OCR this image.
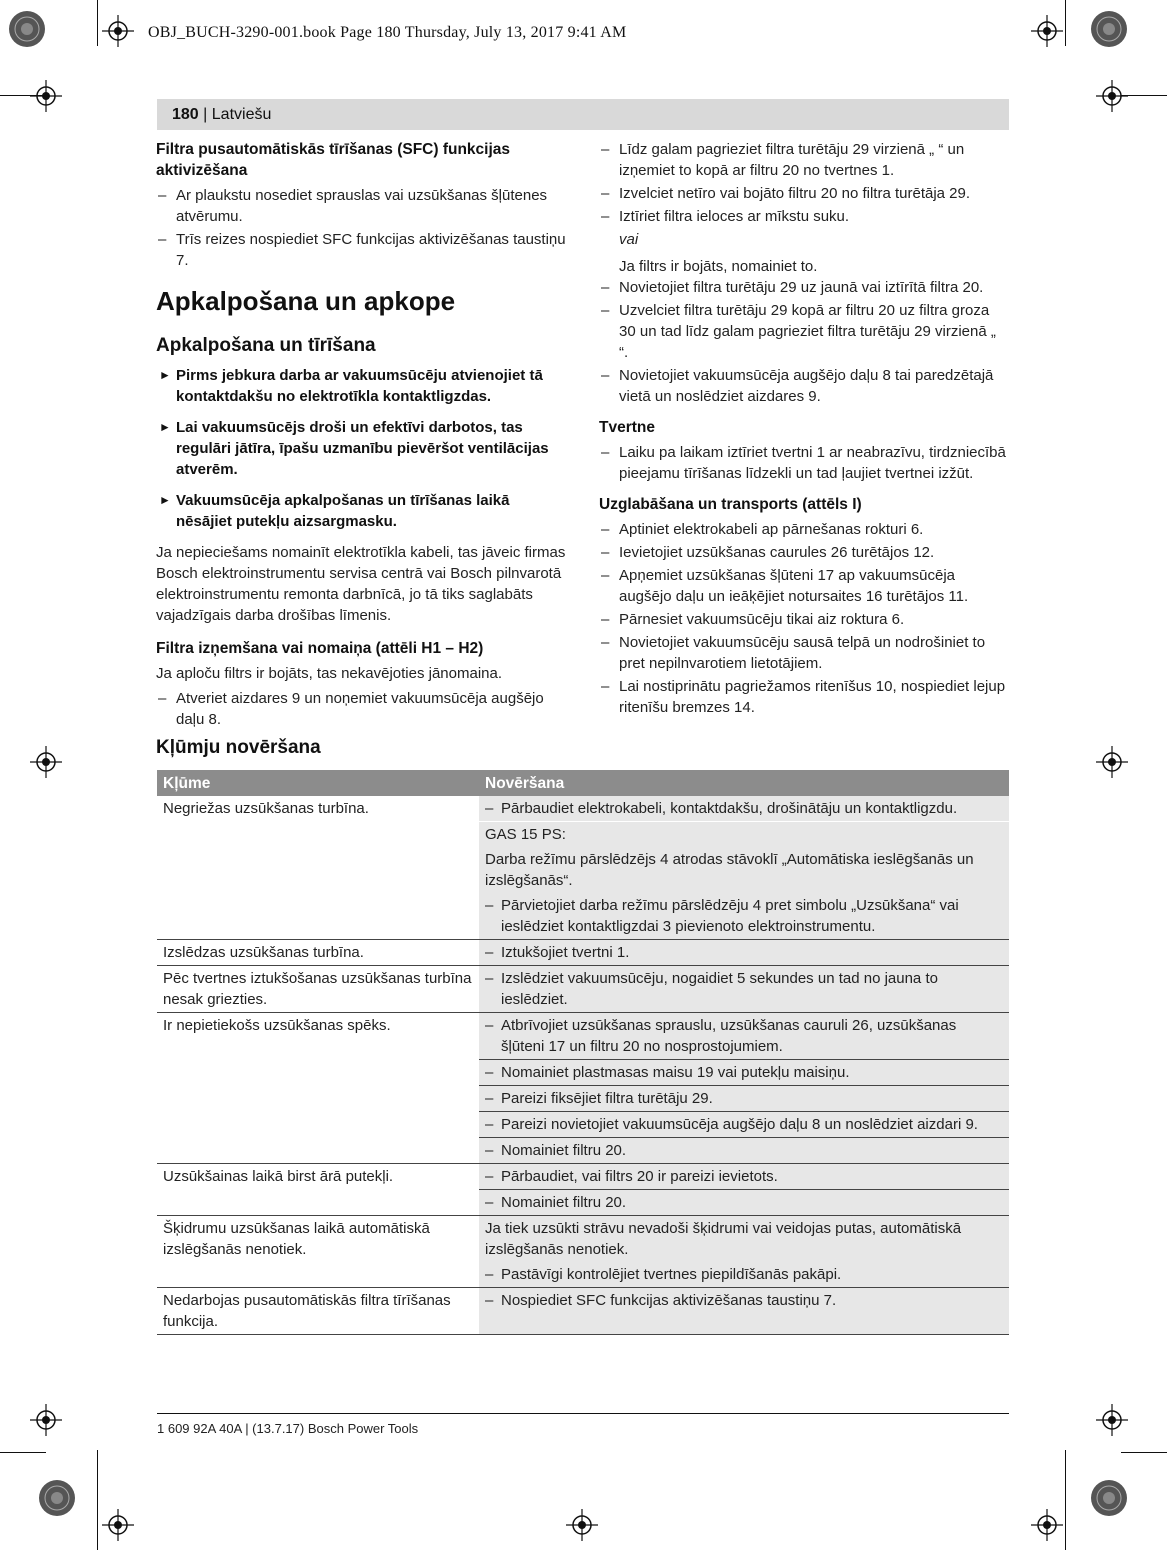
OBJ_BUCH-3290-001.book Page 180 Thursday, July 13, 2017 9:41 AM
180 | Latviešu
Filtra pusautomātiskās tīrīšanas (SFC) funkcijas aktivizēšana
– Ar plaukstu nosediet sprauslas vai uzsūkšanas šļūtenes atvērumu.
– Trīs reizes nospiediet SFC funkcijas aktivizēšanas taustiņu 7.
Apkalpošana un apkope
Apkalpošana un tīrīšana
► Pirms jebkura darba ar vakuumsūcēju atvienojiet tā kontaktdakšu no elektrotīkla kontaktligzdas.
► Lai vakuumsūcējs droši un efektīvi darbotos, tas regulāri jātīra, īpašu uzmanību pievēršot ventilācijas atverēm.
► Vakuumsūcēja apkalpošanas un tīrīšanas laikā nēsājiet putekļu aizsargmasku.
Ja nepieciešams nomainīt elektrotīkla kabeli, tas jāveic firmas Bosch elektroinstrumentu servisa centrā vai Bosch pilnvarotā elektroinstrumentu remonta darbnīcā, jo tā tiks saglabāts vajadzīgais darba drošības līmenis.
Filtra izņemšana vai nomaiņa (attēli H1 – H2)
Ja aploču filtrs ir bojāts, tas nekavējoties jānomaina.
– Atveriet aizdares 9 un noņemiet vakuumsūcēja augšējo daļu 8.
– Līdz galam pagrieziet filtra turētāju 29 virzienā „ “ un izņemiet to kopā ar filtru 20 no tvertnes 1.
– Izvelciet netīro vai bojāto filtru 20 no filtra turētāja 29.
– Iztīriet filtra ieloces ar mīkstu suku.
vai
Ja filtrs ir bojāts, nomainiet to.
– Novietojiet filtra turētāju 29 uz jaunā vai iztīrītā filtra 20.
– Uzvelciet filtra turētāju 29 kopā ar filtru 20 uz filtra groza 30 un tad līdz galam pagrieziet filtra turētāju 29 virzienā „ “.
– Novietojiet vakuumsūcēja augšējo daļu 8 tai paredzētajā vietā un noslēdziet aizdares 9.
Tvertne
– Laiku pa laikam iztīriet tvertni 1 ar neabrazīvu, tirdzniecībā pieejamu tīrīšanas līdzekli un tad ļaujiet tvertnei izžūt.
Uzglabāšana un transports (attēls I)
– Aptiniet elektrokabeli ap pārnešanas rokturi 6.
– Ievietojiet uzsūkšanas caurules 26 turētājos 12.
– Apņemiet uzsūkšanas šļūteni 17 ap vakuumsūcēja augšējo daļu un ieāķējiet notursaites 16 turētājos 11.
– Pārnesiet vakuumsūcēju tikai aiz roktura 6.
– Novietojiet vakuumsūcēju sausā telpā un nodrošiniet to pret nepilnvarotiem lietotājiem.
– Lai nostiprinātu pagriežamos ritenīšus 10, nospiediet lejup ritenīšu bremzes 14.
Kļūmju novēršana
Kļūme	Novēršana
Negriežas uzsūkšanas turbīna.	– Pārbaudiet elektrokabeli, kontaktdakšu, drošinātāju un kontaktligzdu.

	GAS 15 PS:
	Darba režīmu pārslēdzējs 4 atrodas stāvoklī „Automātiska ieslēgšanās un izslēgšanās“.

	– Pārvietojiet darba režīmu pārslēdzēju 4 pret simbolu „Uzsūkšana“ vai ieslēdziet kontaktligzdai 3 pievienoto elektroinstrumentu.

Izslēdzas uzsūkšanas turbīna.	– Iztukšojiet tvertni 1.

Pēc tvertnes iztukšošanas uzsūkšanas turbīna nesak griezties.	– Izslēdziet vakuumsūcēju, nogaidiet 5 sekundes un tad no jauna to ieslēdziet.

Ir nepietiekošs uzsūkšanas spēks.	– Atbrīvojiet uzsūkšanas sprauslu, uzsūkšanas cauruli 26, uzsūkšanas šļūteni 17 un filtru 20 no nosprostojumiem.

	– Nomainiet plastmasas maisu 19 vai putekļu maisiņu.

	– Pareizi fiksējiet filtra turētāju 29.

	– Pareizi novietojiet vakuumsūcēja augšējo daļu 8 un noslēdziet aizdari 9.

	– Nomainiet filtru 20.

Uzsūkšainas laikā birst ārā putekļi.	– Pārbaudiet, vai filtrs 20 ir pareizi ievietots.

	– Nomainiet filtru 20.

Šķidrumu uzsūkšanas laikā automātiskā izslēgšanās nenotiek.	Ja tiek uzsūkti strāvu nevadoši šķidrumi vai veidojas putas, automātiskā izslēgšanās nenotiek.

	– Pastāvīgi kontrolējiet tvertnes piepildīšanās pakāpi.

Nedarbojas pusautomātiskās filtra tīrīšanas funkcija.	– Nospiediet SFC funkcijas aktivizēšanas taustiņu 7.
1 609 92A 40A | (13.7.17) Bosch Power Tools
